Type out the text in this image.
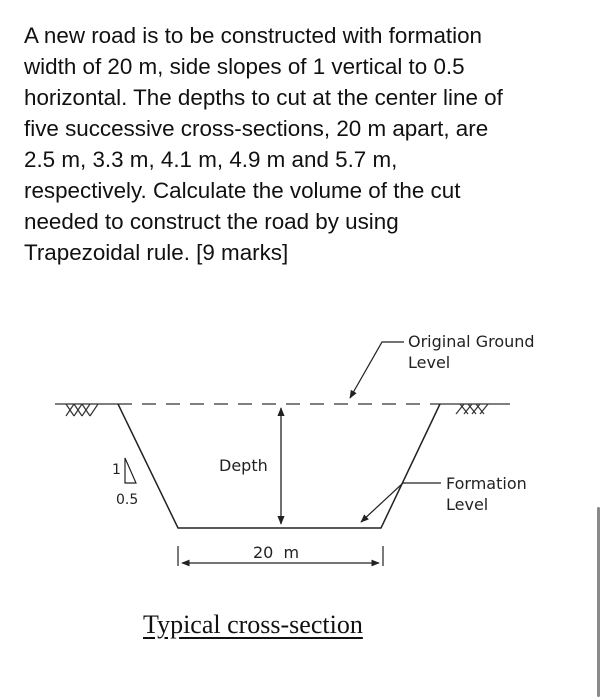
A new road is to be constructed with formation
width of 20 m, side slopes of 1 vertical to 0.5
horizontal. The depths to cut at the center line of
five successive cross-sections, 20 m apart, are
2.5 m, 3.3 m, 4.1 m, 4.9 m and 5.7 m,
respectively. Calculate the volume of the cut
needed to construct the road by using
Trapezoidal rule. [9 marks]
Depth
1
0.5
Original Ground
Level
Formation
Level
20  m
Typical cross-section
